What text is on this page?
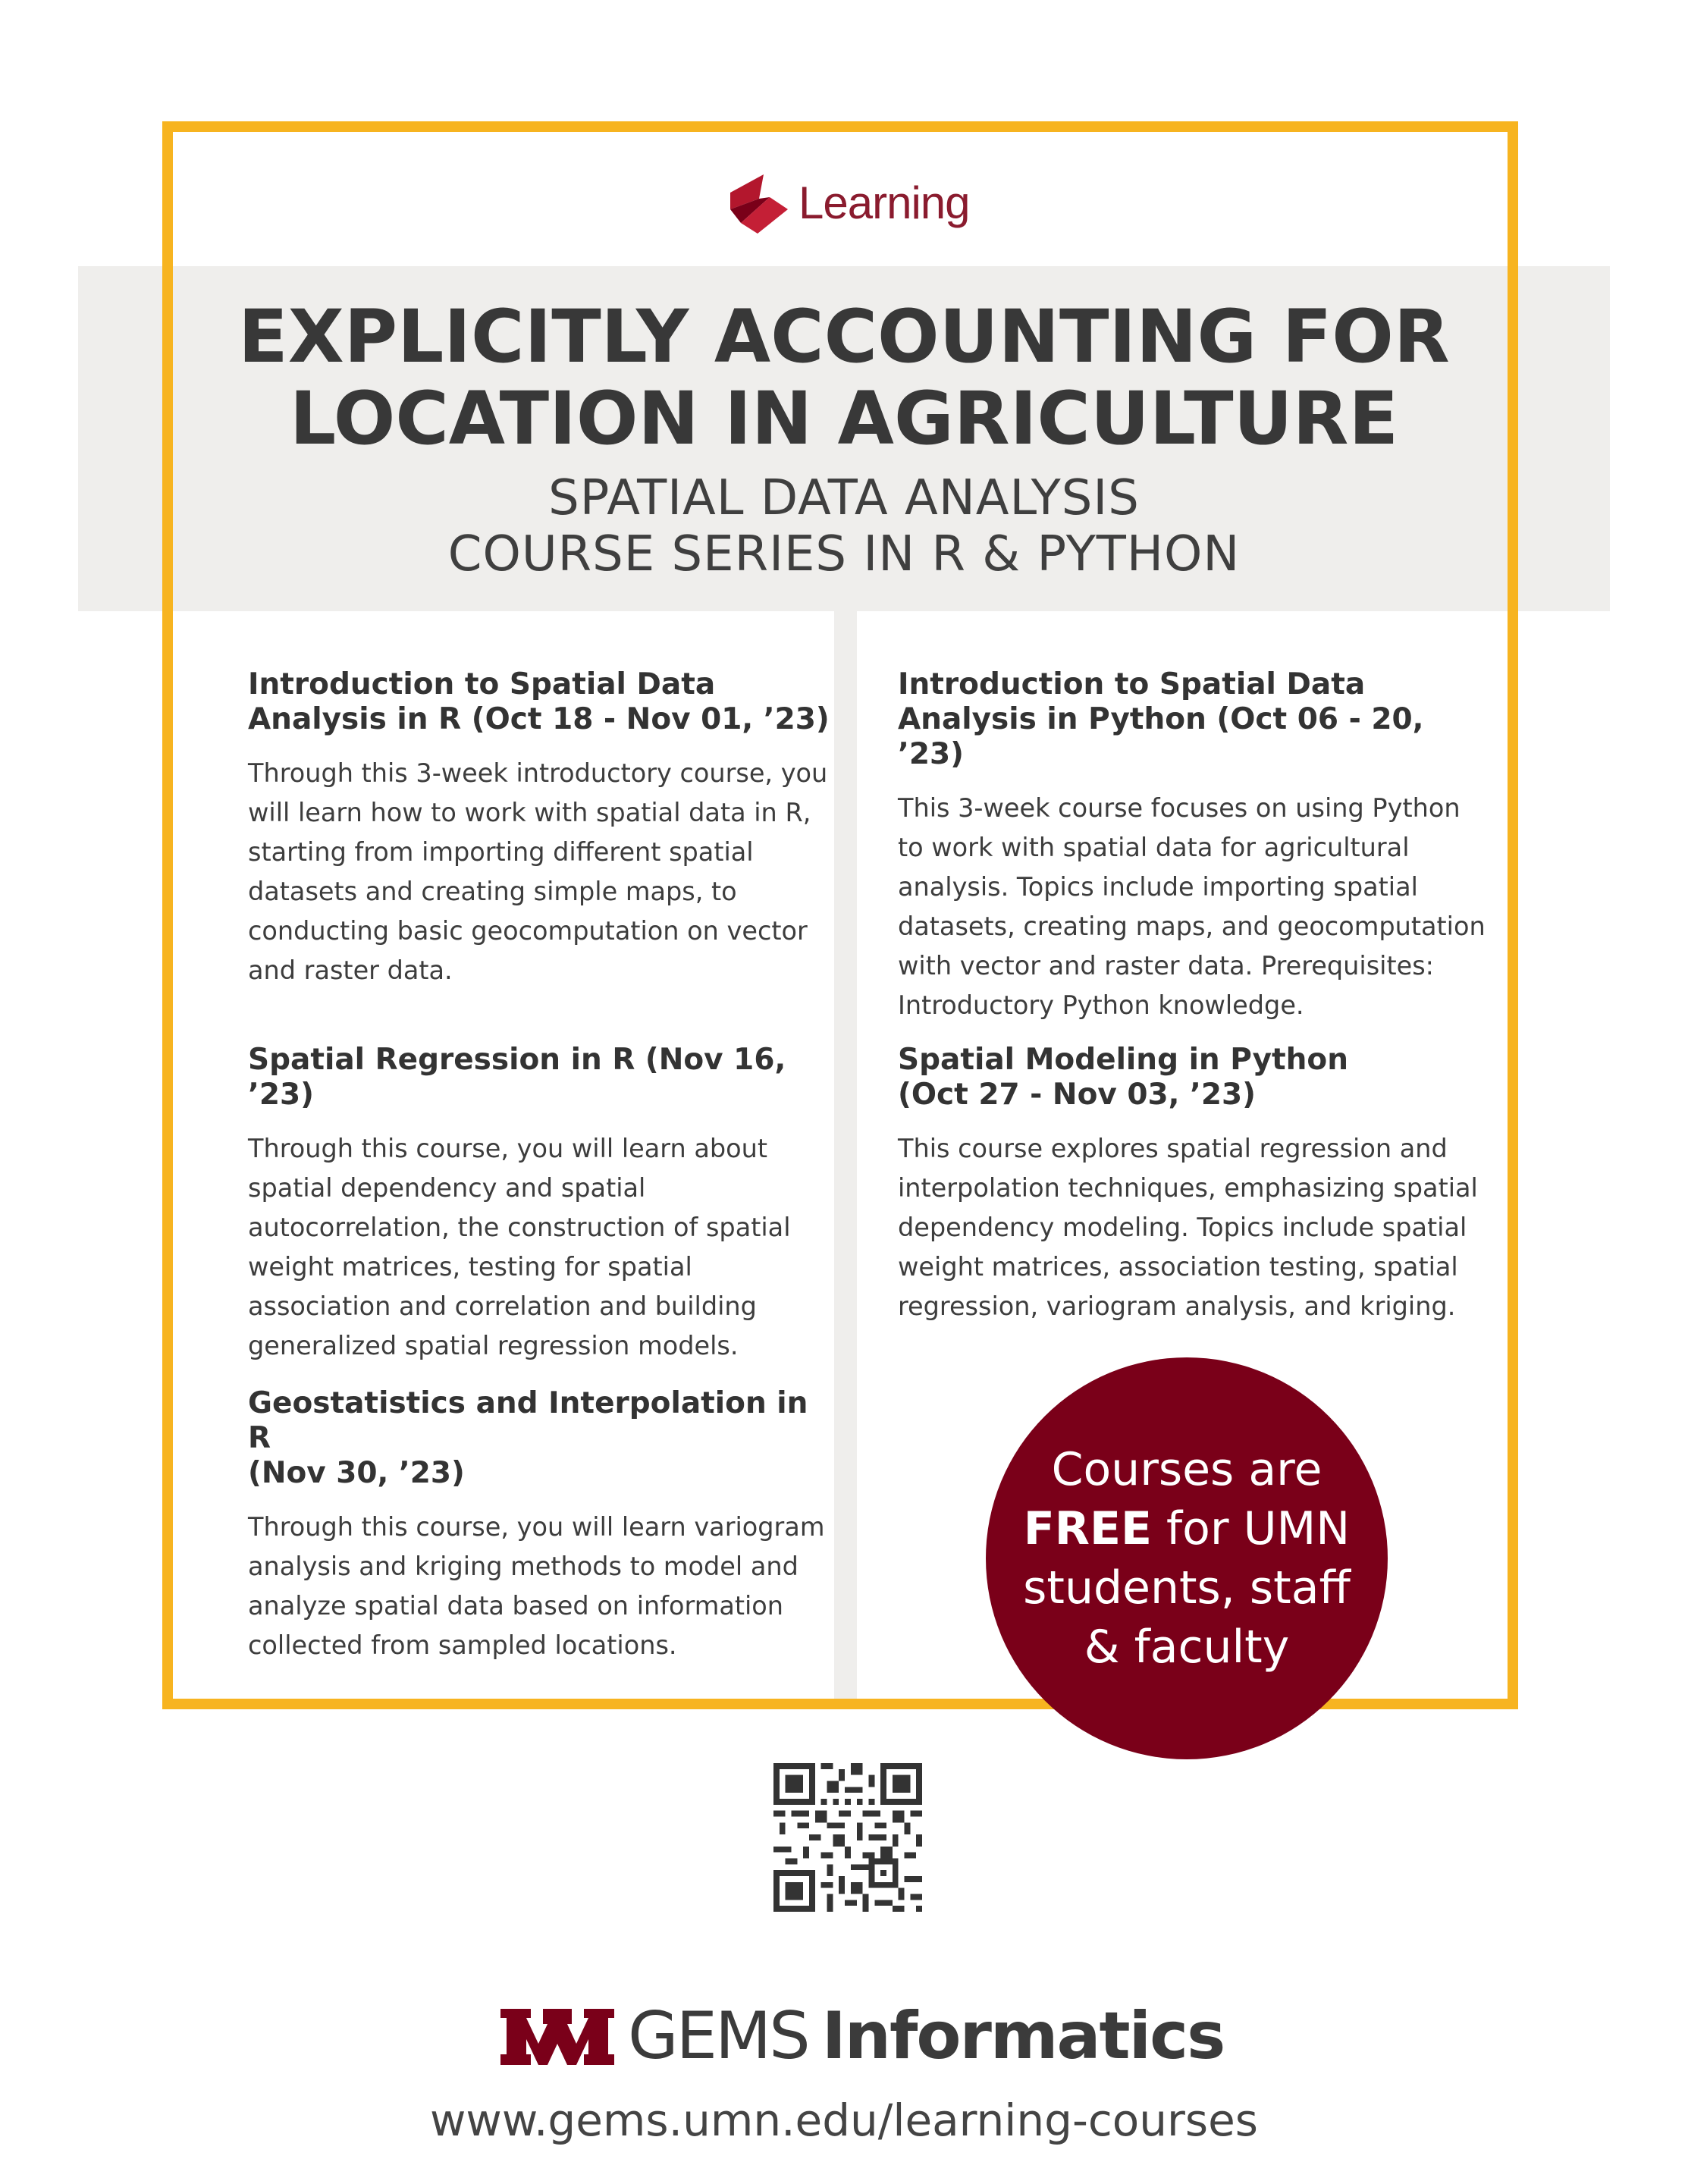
Learning
EXPLICITLY ACCOUNTING FOR
LOCATION IN AGRICULTURE
SPATIAL DATA ANALYSIS
COURSE SERIES IN R & PYTHON
Introduction to Spatial Data
Analysis in R (Oct 18 - Nov 01, ’23)

Through this 3-week introductory course, you will learn how to work with spatial data in R, starting from importing different spatial datasets and creating simple maps, to conducting basic geocomputation on vector and raster data.

Spatial Regression in R (Nov 16, ’23)

Through this course, you will learn about spatial dependency and spatial autocorrelation, the construction of spatial weight matrices, testing for spatial association and correlation and building generalized spatial regression models.

Geostatistics and Interpolation in R
(Nov 30, ’23)

Through this course, you will learn variogram analysis and kriging methods to model and analyze spatial data based on information collected from sampled locations.

Introduction to Spatial Data
Analysis in Python (Oct 06 - 20, ’23)

This 3-week course focuses on using Python to work with spatial data for agricultural analysis. Topics include importing spatial datasets, creating maps, and geocomputation with vector and raster data. Prerequisites: Introductory Python knowledge.

Spatial Modeling in Python
(Oct 27 - Nov 03, ’23)

This course explores spatial regression and interpolation techniques, emphasizing spatial dependency modeling. Topics include spatial weight matrices, association testing, spatial regression, variogram analysis, and kriging.

Courses are
FREE for UMN
students, staff
& faculty
GEMS Informatics
www.gems.umn.edu/learning-courses
